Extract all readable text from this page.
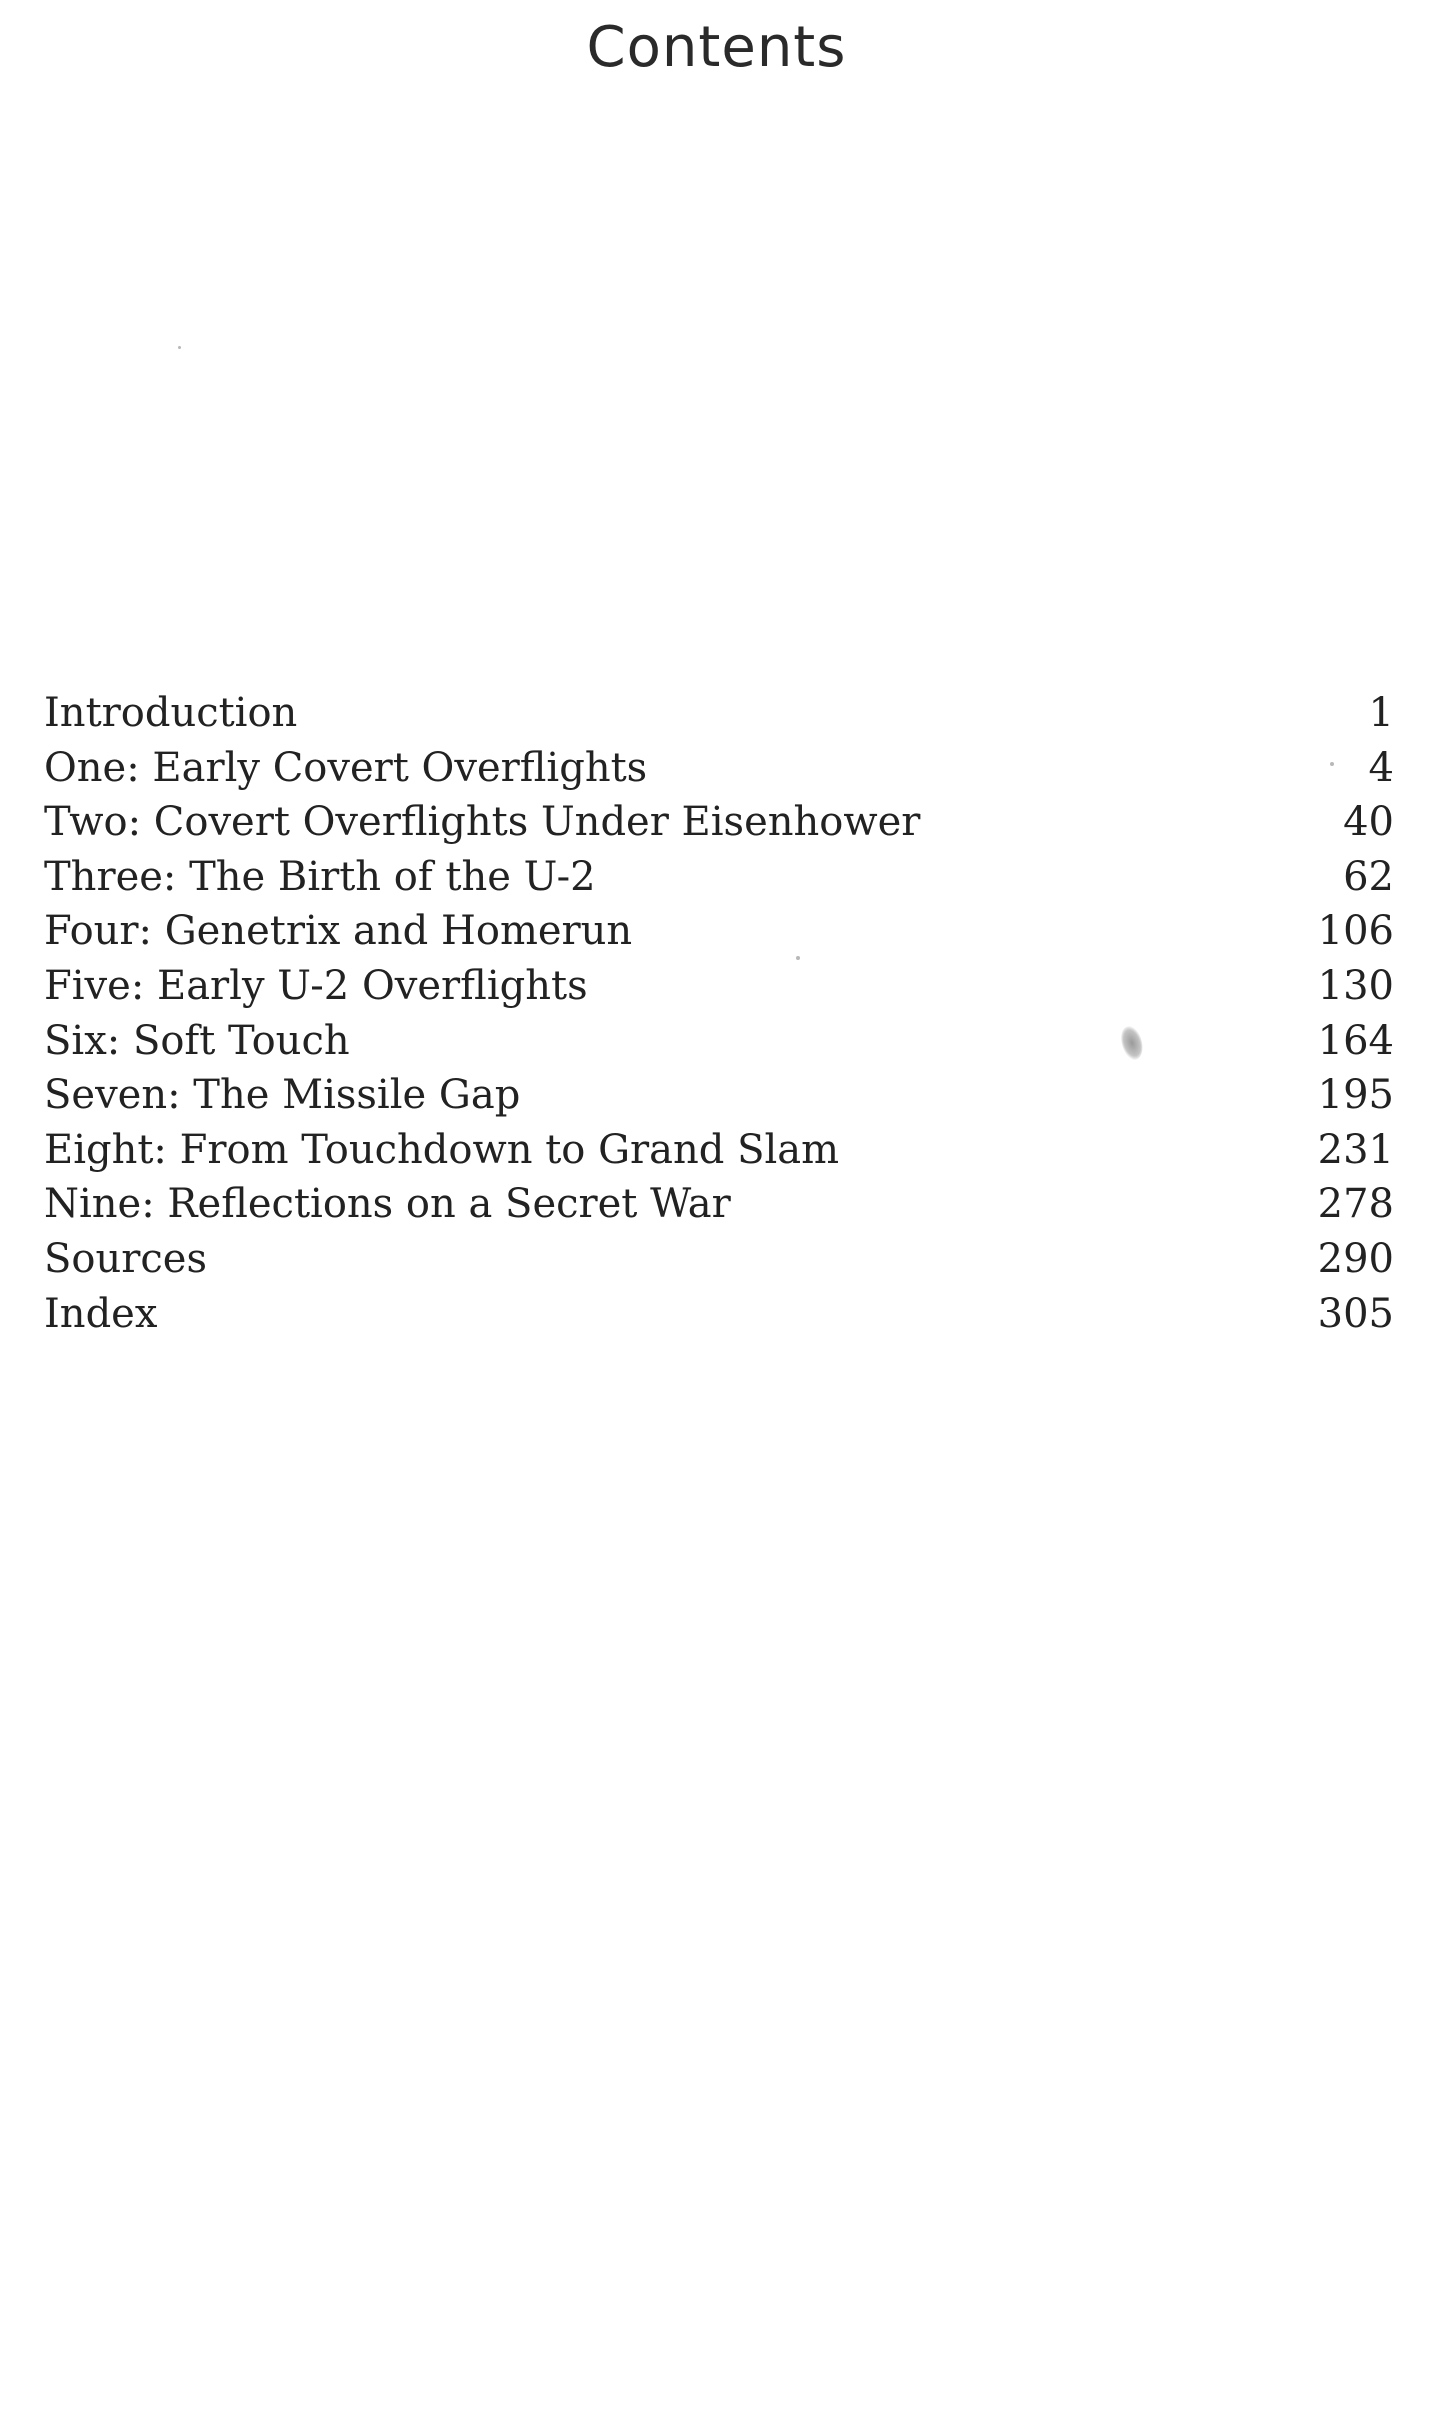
Contents
Introduction	1
One: Early Covert Overflights	4
Two: Covert Overflights Under Eisenhower	40
Three: The Birth of the U-2	62
Four: Genetrix and Homerun	106
Five: Early U-2 Overflights	130
Six: Soft Touch	164
Seven: The Missile Gap	195
Eight: From Touchdown to Grand Slam	231
Nine: Reflections on a Secret War	278
Sources	290
Index	305
